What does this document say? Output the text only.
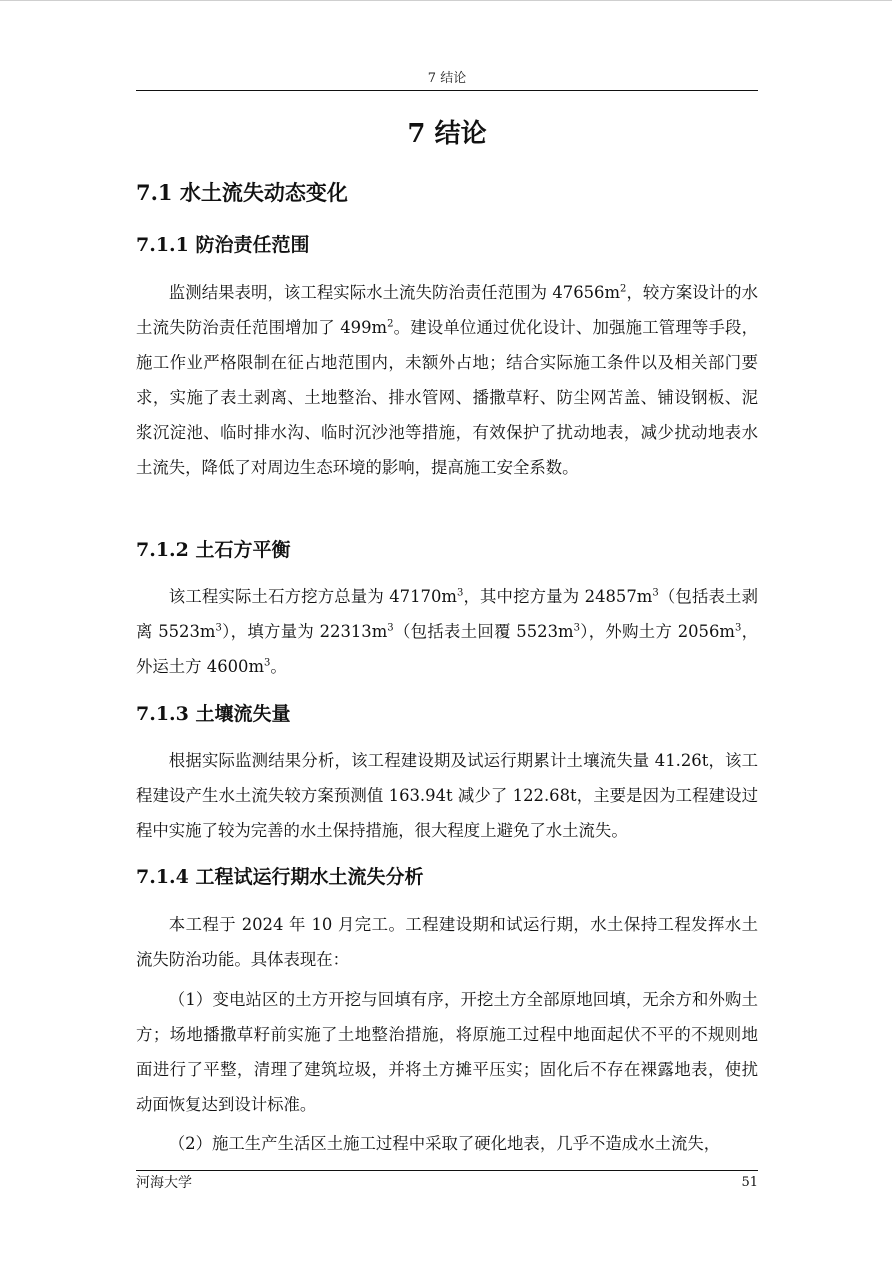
7 结论
7 结论
7.1 水土流失动态变化
7.1.1 防治责任范围
监测结果表明，该工程实际水土流失防治责任范围为 $47656m^2$，较方案设计的水土流失防治责任范围增加了 $499m^2$。建设单位通过优化设计、加强施工管理等手段，施工作业严格限制在征占地范围内，未额外占地；结合实际施工条件以及相关部门要求，实施了表土剥离、土地整治、排水管网、播撒草籽、防尘网苫盖、铺设钢板、泥浆沉淀池、临时排水沟、临时沉沙池等措施，有效保护了扰动地表，减少扰动地表水土流失，降低了对周边生态环境的影响，提高施工安全系数。
7.1.2 土石方平衡
该工程实际土石方挖方总量为 $47170m^3$，其中挖方量为 $24857m^3$（包括表土剥离 $5523m^3$），填方量为 $22313m^3$（包括表土回覆 $5523m^3$），外购土方 $2056m^3$，外运土方 $4600m^3$。
7.1.3 土壤流失量
根据实际监测结果分析，该工程建设期及试运行期累计土壤流失量 41.26t，该工程建设产生水土流失较方案预测值 163.94t 减少了 122.68t，主要是因为工程建设过程中实施了较为完善的水土保持措施，很大程度上避免了水土流失。
7.1.4 工程试运行期水土流失分析
本工程于 2024 年 10 月完工。工程建设期和试运行期，水土保持工程发挥水土流失防治功能。具体表现在：
（1）变电站区的土方开挖与回填有序，开挖土方全部原地回填，无余方和外购土方；场地播撒草籽前实施了土地整治措施，将原施工过程中地面起伏不平的不规则地面进行了平整，清理了建筑垃圾，并将土方摊平压实；固化后不存在裸露地表，使扰动面恢复达到设计标准。
（2）施工生产生活区土施工过程中采取了硬化地表，几乎不造成水土流失，
河海大学	51
